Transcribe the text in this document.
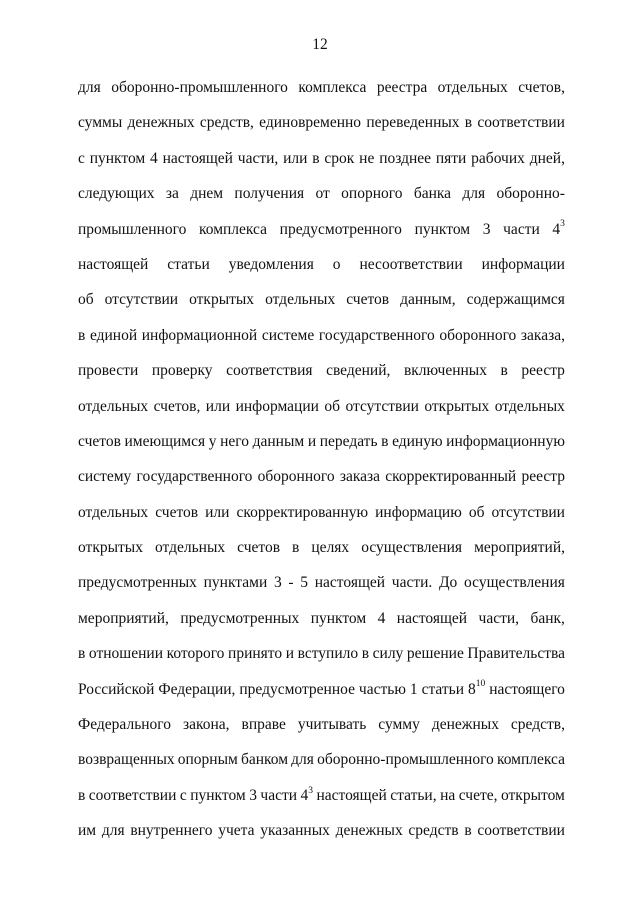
12
для оборонно-промышленного комплекса реестра отдельных счетов,
суммы денежных средств, единовременно переведенных в соответствии
с пунктом 4 настоящей части, или в срок не позднее пяти рабочих дней,
следующих за днем получения от опорного банка для оборонно-
промышленного комплекса предусмотренного пунктом 3 части $4^3$
настоящей статьи уведомления о несоответствии информации
об отсутствии открытых отдельных счетов данным, содержащимся
в единой информационной системе государственного оборонного заказа,
провести проверку соответствия сведений, включенных в реестр
отдельных счетов, или информации об отсутствии открытых отдельных
счетов имеющимся у него данным и передать в единую информационную
систему государственного оборонного заказа скорректированный реестр
отдельных счетов или скорректированную информацию об отсутствии
открытых отдельных счетов в целях осуществления мероприятий,
предусмотренных пунктами 3 - 5 настоящей части. До осуществления
мероприятий, предусмотренных пунктом 4 настоящей части, банк,
в отношении которого принято и вступило в силу решение Правительства
Российской Федерации, предусмотренное частью 1 статьи $8^{10}$ настоящего
Федерального закона, вправе учитывать сумму денежных средств,
возвращенных опорным банком для оборонно-промышленного комплекса
в соответствии с пунктом 3 части $4^3$ настоящей статьи, на счете, открытом
им для внутреннего учета указанных денежных средств в соответствии
